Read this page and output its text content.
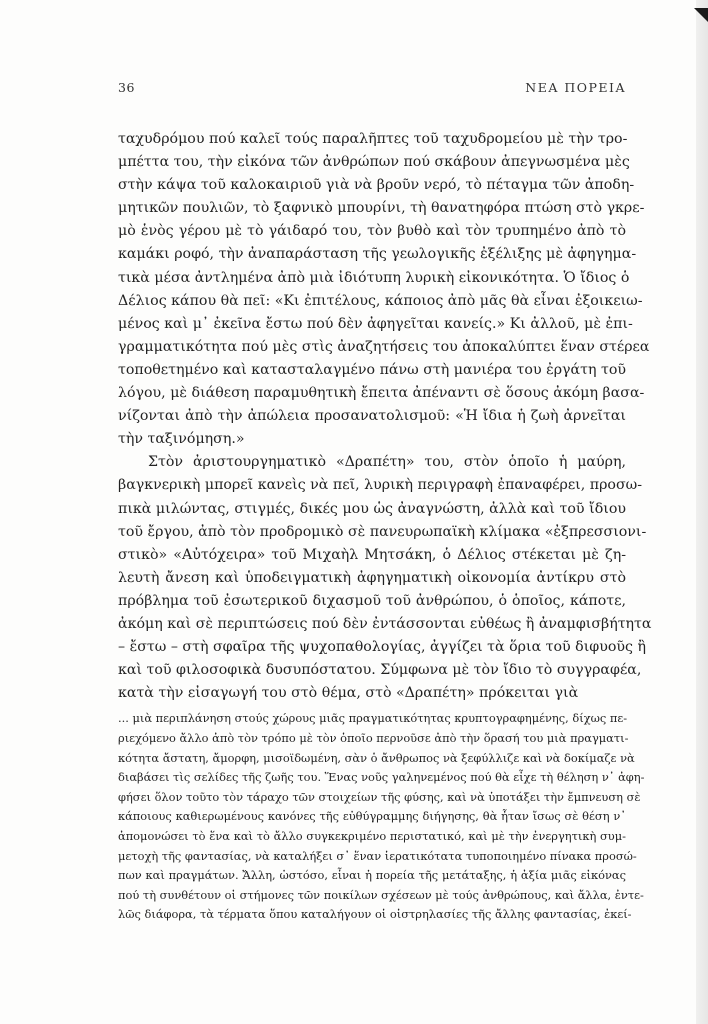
36	ΝΕΑ ΠΟΡΕΙΑ

ταχυδρόμου πού καλεῖ τούς παραλῆπτες τοῦ ταχυδρομείου μὲ τὴν τρο-
μπέττα του, τὴν εἰκόνα τῶν ἀνθρώπων πού σκάβουν ἀπεγνωσμένα μὲς
στὴν κάψα τοῦ καλοκαιριοῦ γιὰ νὰ βροῦν νερό, τὸ πέταγμα τῶν ἀποδη-
μητικῶν πουλιῶν, τὸ ξαφνικὸ μπουρίνι, τὴ θανατηφόρα πτώση στὸ γκρε-
μὸ ἑνὸς γέρου μὲ τὸ γάιδαρό του, τὸν βυθὸ καὶ τὸν τρυπημένο ἀπὸ τὸ
καμάκι ροφό, τὴν ἀναπαράσταση τῆς γεωλογικῆς ἐξέλιξης μὲ ἀφηγημα-
τικὰ μέσα ἀντλημένα ἀπὸ μιὰ ἰδιότυπη λυρικὴ εἰκονικότητα. Ὁ ἴδιος ὁ
Δέλιος κάπου θὰ πεῖ: «Κι ἐπιτέλους, κάποιος ἀπὸ μᾶς θὰ εἶναι ἐξοικειω-
μένος καὶ μ᾽ ἐκεῖνα ἔστω πού δὲν ἀφηγεῖται κανείς.» Κι ἀλλοῦ, μὲ ἐπι-
γραμματικότητα πού μὲς στὶς ἀναζητήσεις του ἀποκαλύπτει ἕναν στέρεα
τοποθετημένο καὶ κατασταλαγμένο πάνω στὴ μανιέρα του ἐργάτη τοῦ
λόγου, μὲ διάθεση παραμυθητικὴ ἔπειτα ἀπέναντι σὲ ὅσους ἀκόμη βασα-
νίζονται ἀπὸ τὴν ἀπώλεια προσανατολισμοῦ: «Ἡ ἴδια ἡ ζωὴ ἀρνεῖται
τὴν ταξινόμηση.»

Στὸν ἀριστουργηματικὸ «Δραπέτη» του, στὸν ὁποῖο ἡ μαύρη,
βαγκνερικὴ μπορεῖ κανεὶς νὰ πεῖ, λυρικὴ περιγραφὴ ἐπαναφέρει, προσω-
πικὰ μιλώντας, στιγμές, δικές μου ὡς ἀναγνώστη, ἀλλὰ καὶ τοῦ ἴδιου
τοῦ ἔργου, ἀπὸ τὸν προδρομικὸ σὲ πανευρωπαϊκὴ κλίμακα «ἐξπρεσσιονι-
στικὸ» «Αὐτόχειρα» τοῦ Μιχαὴλ Μητσάκη, ὁ Δέλιος στέκεται μὲ ζη-
λευτὴ ἄνεση καὶ ὑποδειγματικὴ ἀφηγηματικὴ οἰκονομία ἀντίκρυ στὸ
πρόβλημα τοῦ ἐσωτερικοῦ διχασμοῦ τοῦ ἀνθρώπου, ὁ ὁποῖος, κάποτε,
ἀκόμη καὶ σὲ περιπτώσεις πού δὲν ἐντάσσονται εὐθέως ἢ ἀναμφισβήτητα
– ἔστω – στὴ σφαῖρα τῆς ψυχοπαθολογίας, ἀγγίζει τὰ ὅρια τοῦ διφυοῦς ἢ
καὶ τοῦ φιλοσοφικὰ δυσυπόστατου. Σύμφωνα μὲ τὸν ἴδιο τὸ συγγραφέα,
κατὰ τὴν εἰσαγωγή του στὸ θέμα, στὸ «Δραπέτη» πρόκειται γιὰ

... μιὰ περιπλάνηση στούς χώρους μιᾶς πραγματικότητας κρυπτογραφημένης, δίχως πε-
ριεχόμενο ἄλλο ἀπὸ τὸν τρόπο μὲ τὸν ὁποῖο περνοῦσε ἀπὸ τὴν ὅρασή του μιὰ πραγματι-
κότητα ἄστατη, ἄμορφη, μισοϊδωμένη, σὰν ὁ ἄνθρωπος νὰ ξεφύλλιζε καὶ νὰ δοκίμαζε νὰ
διαβάσει τὶς σελίδες τῆς ζωῆς του. Ἕνας νοῦς γαληνεμένος πού θὰ εἶχε τὴ θέληση ν᾽ ἀφη-
φήσει ὅλον τοῦτο τὸν τάραχο τῶν στοιχείων τῆς φύσης, καὶ νὰ ὑποτάξει τὴν ἔμπνευση σὲ
κάποιους καθιερωμένους κανόνες τῆς εὐθύγραμμης διήγησης, θὰ ἦταν ἴσως σὲ θέση ν᾽
ἀπομονώσει τὸ ἕνα καὶ τὸ ἄλλο συγκεκριμένο περιστατικό, καὶ μὲ τὴν ἐνεργητικὴ συμ-
μετοχὴ τῆς φαντασίας, νὰ καταλήξει σ᾽ ἕναν ἱερατικότατα τυποποιημένο πίνακα προσώ-
πων καὶ πραγμάτων. Ἄλλη, ὡστόσο, εἶναι ἡ πορεία τῆς μετάταξης, ἡ ἀξία μιᾶς εἰκόνας
πού τὴ συνθέτουν οἱ στήμονες τῶν ποικίλων σχέσεων μὲ τούς ἀνθρώπους, καὶ ἄλλα, ἐντε-
λῶς διάφορα, τὰ τέρματα ὅπου καταλήγουν οἱ οἰστρηλασίες τῆς ἄλλης φαντασίας, ἐκεί-
